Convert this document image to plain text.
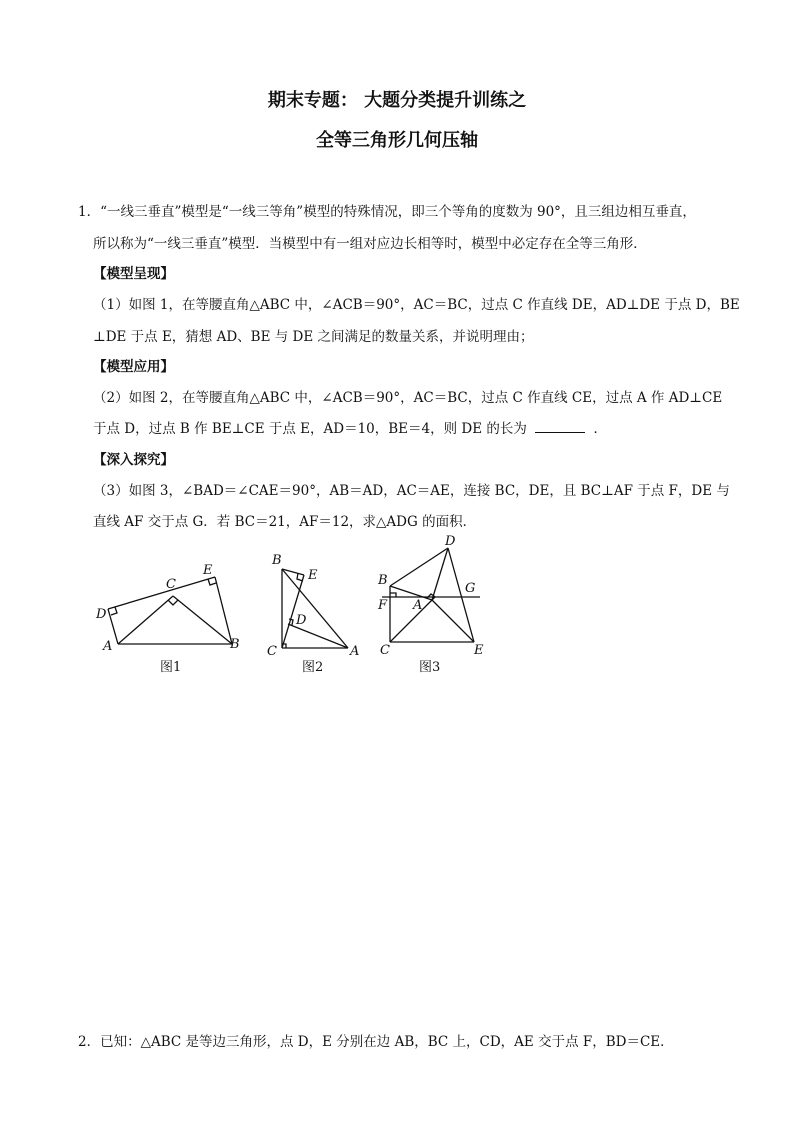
期末专题： 大题分类提升训练之
全等三角形几何压轴
1．“一线三垂直”模型是“一线三等角”模型的特殊情况，即三个等角的度数为 90°，且三组边相互垂直，
所以称为“一线三垂直”模型．当模型中有一组对应边长相等时，模型中必定存在全等三角形．
【模型呈现】
（1）如图 1，在等腰直角△ABC 中，∠ACB＝90°，AC＝BC，过点 C 作直线 DE，AD⊥DE 于点 D，BE
⊥DE 于点 E，猜想 AD、BE 与 DE 之间满足的数量关系，并说明理由；
【模型应用】
（2）如图 2，在等腰直角△ABC 中，∠ACB＝90°，AC＝BC，过点 C 作直线 CE，过点 A 作 AD⊥CE
于点 D，过点 B 作 BE⊥CE 于点 E，AD＝10，BE＝4，则 DE 的长为	．
【深入探究】
（3）如图 3，∠BAD＝∠CAE＝90°，AB＝AD，AC＝AE，连接 BC，DE，且 BC⊥AF 于点 F，DE 与
直线 AF 交于点 G．若 BC＝21，AF＝12，求△ADG 的面积．
D
A
C
E
B
图1
B
E
D
C	A
图2
D
B
G
F A
C	E
图3
2．已知：△ABC 是等边三角形，点 D，E 分别在边 AB，BC 上，CD，AE 交于点 F，BD＝CE．
